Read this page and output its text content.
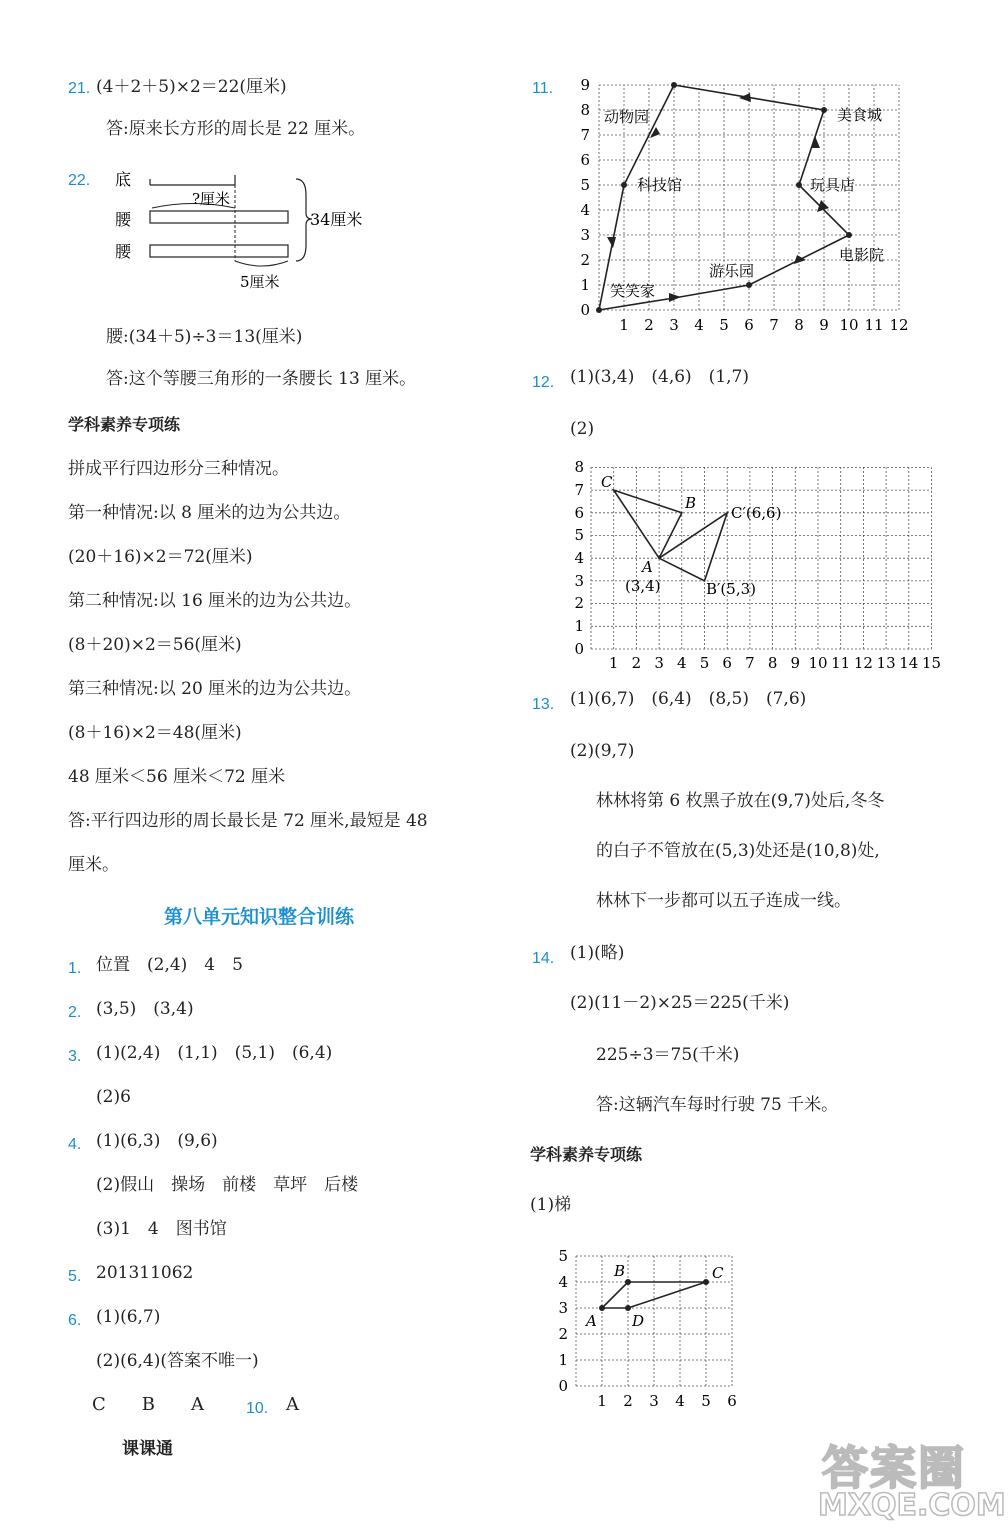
21. (4＋2＋5)×2＝22(厘米)
答:原来长方形的周长是 22 厘米。
22. 底
腰
腰
?厘米
5厘米
34厘米
腰:(34＋5)÷3＝13(厘米)
答:这个等腰三角形的一条腰长 13 厘米。
学科素养专项练
拼成平行四边形分三种情况。
第一种情况:以 8 厘米的边为公共边。
(20＋16)×2＝72(厘米)
第二种情况:以 16 厘米的边为公共边。
(8＋20)×2＝56(厘米)
第三种情况:以 20 厘米的边为公共边。
(8＋16)×2＝48(厘米)
48 厘米＜56 厘米＜72 厘米
答:平行四边形的周长最长是 72 厘米,最短是 48
厘米。
第八单元知识整合训练
1. 位置　(2,4)　4　5
2. (3,5)　(3,4)
3. (1)(2,4)　(1,1)　(5,1)　(6,4)
(2)6
4. (1)(6,3)　(9,6)
(2)假山　操场　前楼　草坪　后楼
(3)1　4　图书馆
5. 201311062
6. (1)(6,7)
(2)(6,4)(答案不唯一)
C　　B　　A	10. A
课课通
11.
动物园	美食城
科技馆	玩具店
电影院
游乐园
笑笑家
0
1 2 3 4 5 6 7 8 9 10 11 12
1
2
3
4
5
6
7
8
9
12. (1)(3,4)　(4,6)　(1,7)
(2)
C
B
C′(6,6)
A
(3,4)	B′(5,3)
0
1 2 3 4 5 6 7 8 9 10 11 12 13 14 15
1
2
3
4
5
6
7
8
13. (1)(6,7)　(6,4)　(8,5)　(7,6)
(2)(9,7)
林林将第 6 枚黑子放在(9,7)处后,冬冬
的白子不管放在(5,3)处还是(10,8)处,
林林下一步都可以五子连成一线。
14. (1)(略)
(2)(11－2)×25＝225(千米)
225÷3＝75(千米)
答:这辆汽车每时行驶 75 千米。
学科素养专项练
(1)梯
A
B	C
D
0
1 2 3 4 5 6
1
2
3
4
5
答案圈
MXQE.COM
